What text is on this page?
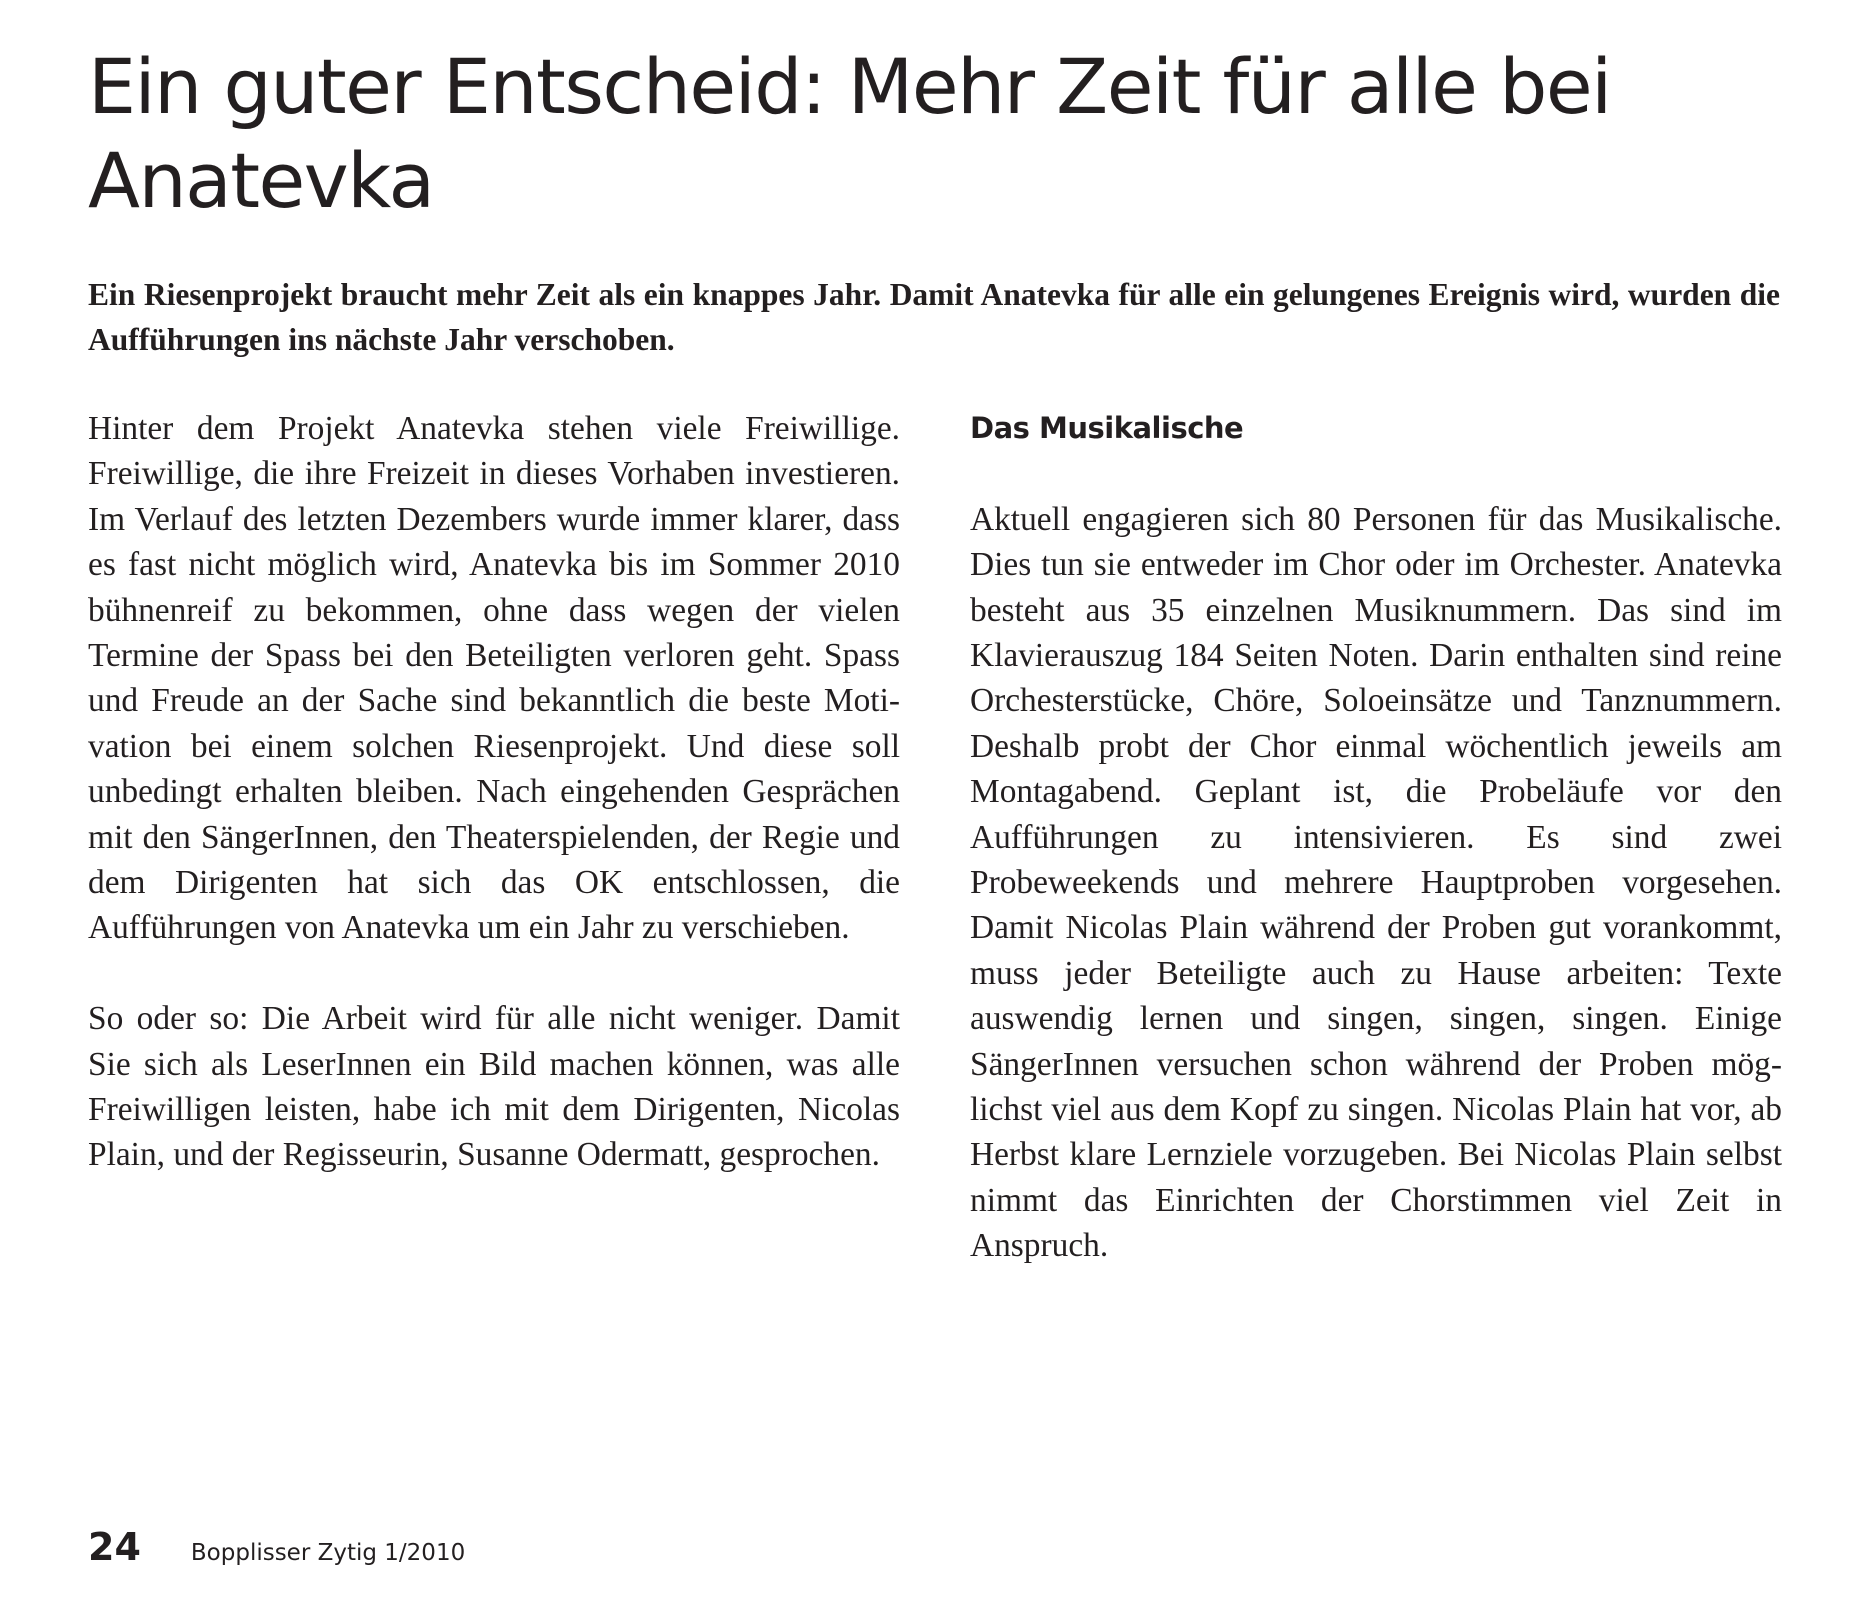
Ein guter Entscheid: Mehr Zeit für alle bei Anatevka

Ein Riesenprojekt braucht mehr Zeit als ein knappes Jahr. Damit Anatevka für alle ein gelungenes Ereignis wird, wurden die Aufführungen ins nächste Jahr verschoben.

Hinter dem Projekt Anatevka stehen viele Freiwillige. Freiwillige, die ihre Freizeit in dieses Vorhaben investieren. Im Verlauf des letzten Dezembers wurde immer klarer, dass es fast nicht möglich wird, Anatevka bis im Sommer 2010 bühnenreif zu bekommen, ohne dass wegen der vielen Termine der Spass bei den Beteiligten verloren geht. Spass und Freude an der Sache sind bekanntlich die beste Motivation bei einem solchen Riesenprojekt. Und diese soll unbedingt erhalten bleiben. Nach eingehenden Gesprächen mit den SängerInnen, den Theaterspielenden, der Regie und dem Dirigenten hat sich das OK entschlossen, die Aufführungen von Anatevka um ein Jahr zu verschieben.

So oder so: Die Arbeit wird für alle nicht weniger. Damit Sie sich als LeserInnen ein Bild machen können, was alle Freiwilligen leisten, habe ich mit dem Dirigenten, Nicolas Plain, und der Regisseurin, Susanne Odermatt, gesprochen.

Das Musikalische

Aktuell engagieren sich 80 Personen für das Musikalische. Dies tun sie entweder im Chor oder im Orchester. Anatevka besteht aus 35 einzelnen Musiknummern. Das sind im Klavierauszug 184 Seiten Noten. Darin enthalten sind reine Orchesterstücke, Chöre, Soloeinsätze und Tanznummern. Deshalb probt der Chor einmal wöchentlich jeweils am Montagabend. Geplant ist, die Probeläufe vor den Aufführungen zu intensivieren. Es sind zwei Probeweekends und mehrere Hauptproben vorgesehen. Damit Nicolas Plain während der Proben gut vorankommt, muss jeder Beteiligte auch zu Hause arbeiten: Texte auswendig lernen und singen, singen, singen. Einige SängerInnen versuchen schon während der Proben möglichst viel aus dem Kopf zu singen. Nicolas Plain hat vor, ab Herbst klare Lernziele vorzugeben. Bei Nicolas Plain selbst nimmt das Einrichten der Chorstimmen viel Zeit in Anspruch.

24 Bopplisser Zytig 1/2010
